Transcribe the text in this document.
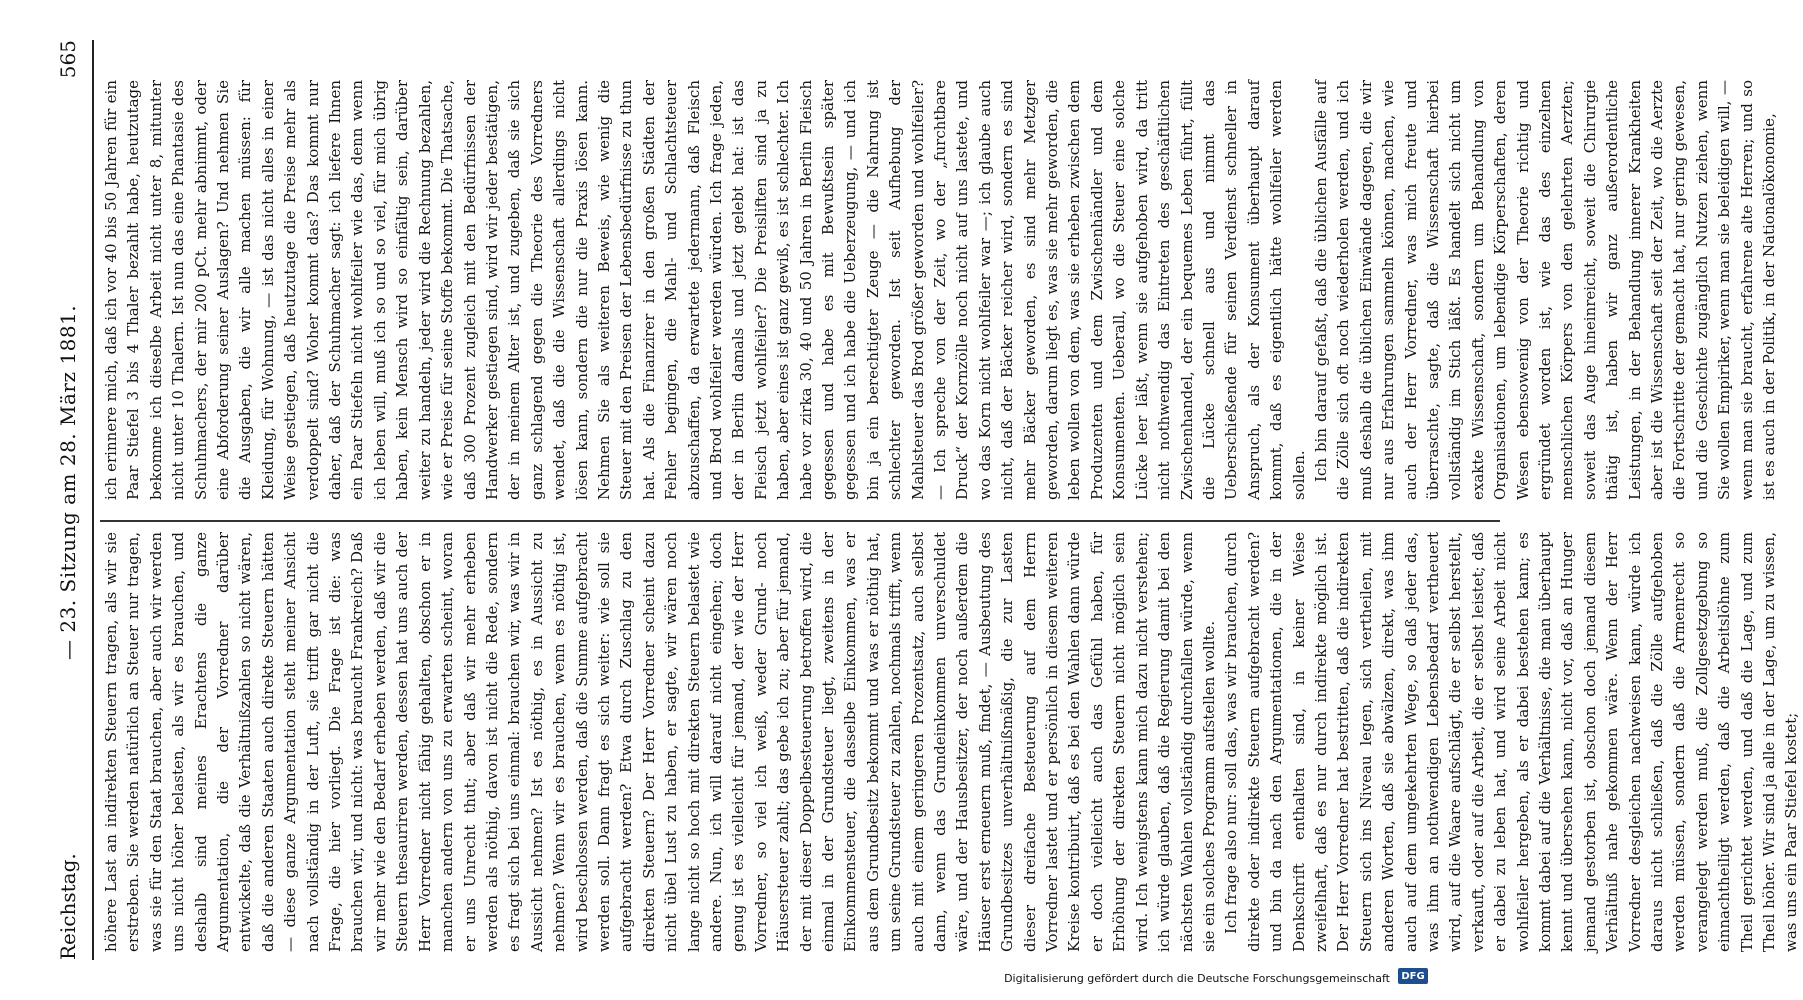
Reichstag.
— 23. Sitzung am 28. März 1881.
565

höhere Last an indirekten Steuern tragen, als wir sie erstreben. Sie werden natürlich an Steuer nur tragen, was sie für den Staat brauchen, aber auch wir werden uns nicht höher belasten, als wir es brauchen, und deshalb sind meines Erachtens die ganze Argumentation, die der Vorredner darüber entwickelte, daß die Verhältnißzahlen so nicht wären, daß die anderen Staaten auch direkte Steuern hätten — diese ganze Argumentation steht meiner Ansicht nach vollständig in der Luft, sie trifft gar nicht die Frage, die hier vorliegt. Die Frage ist die: was brauchen wir, und nicht: was braucht Frankreich? Daß wir mehr wie den Bedarf erheben werden, daß wir die Steuern thesauriren werden, dessen hat uns auch der Herr Vorredner nicht fähig gehalten, obschon er in manchen andern von uns zu erwarten scheint, woran er uns Unrecht thut; aber daß wir mehr erheben werden als nöthig, davon ist nicht die Rede, sondern es fragt sich bei uns einmal: brauchen wir, was wir in Aussicht nehmen? Ist es nöthig, es in Aussicht zu nehmen? Wenn wir es brauchen, wenn es nöthig ist, wird beschlossen werden, daß die Summe aufgebracht werden soll. Dann fragt es sich weiter: wie soll sie aufgebracht werden? Etwa durch Zuschlag zu den direkten Steuern? Der Herr Vorredner scheint dazu nicht übel Lust zu haben, er sagte, wir wären noch lange nicht so hoch mit direkten Steuern belastet wie andere. Nun, ich will darauf nicht eingehen; doch genug ist es vielleicht für jemand, der wie der Herr Vorredner, so viel ich weiß, weder Grund- noch Häusersteuer zahlt; das gebe ich zu; aber für jemand, der mit dieser Doppelbesteuerung betroffen wird, die einmal in der Grundsteuer liegt, zweitens in der Einkommensteuer, die dasselbe Einkommen, was er aus dem Grundbesitz bekommt und was er nöthig hat, um seine Grundsteuer zu zahlen, nochmals trifft, wenn auch mit einem geringeren Prozentsatz, auch selbst dann, wenn das Grundeinkommen unverschuldet wäre, und der Hausbesitzer, der noch außerdem die Häuser erst erneuern muß, findet, — Ausbeutung des Grundbesitzes unverhältnißmäßig, die zur Lasten dieser dreifache Besteuerung auf dem Herrn Vorredner lastet und er persönlich in diesem weiteren Kreise kontribuirt, daß es bei den Wahlen dann würde er doch vielleicht auch das Gefühl haben, für Erhöhung der direkten Steuern nicht möglich sein wird. Ich wenigstens kann mich dazu nicht verstehen; ich würde glauben, daß die Regierung damit bei den nächsten Wahlen vollständig durchfallen würde, wenn sie ein solches Programm aufstellen wollte. Ich frage also nur: soll das, was wir brauchen, durch direkte oder indirekte Steuern aufgebracht werden? und bin da nach den Argumentationen, die in der Denkschrift enthalten sind, in keiner Weise zweifelhaft, daß es nur durch indirekte möglich ist. Der Herr Vorredner hat bestritten, daß die indirekten Steuern sich ins Niveau legen, sich vertheilen, mit anderen Worten, daß sie abwälzen, direkt, was ihm auch auf dem umgekehrten Wege, so daß jeder das, was ihm an nothwendigen Lebensbedarf vertheuert wird, auf die Waare aufschlägt, die er selbst herstellt, verkauft, oder auf die Arbeit, die er selbst leistet; daß er dabei zu leben hat, und wird seine Arbeit nicht wohlfeiler hergeben, als er dabei bestehen kann; es kommt dabei auf die Verhältnisse, die man überhaupt kennt und übersehen kann, nicht vor, daß an Hunger jemand gestorben ist, obschon doch jemand diesem Verhältniß nahe gekommen wäre. Wenn der Herr Vorredner desgleichen nachweisen kann, würde ich daraus nicht schließen, daß die Zölle aufgehoben werden müssen, sondern daß die Armenrecht so verangelegt werden muß, die Zollgesetzgebung so einnachtheiligt werden, daß die Arbeitslöhne zum Theil gerichtet werden, und daß die Lage, und zum Theil höher. Wir sind ja alle in der Lage, um zu wissen, was uns ein Paar Stiefel kostet;

ich erinnere mich, daß ich vor 40 bis 50 Jahren für ein Paar Stiefel 3 bis 4 Thaler bezahlt habe, heutzutage bekomme ich dieselbe Arbeit nicht unter 8, mitunter nicht unter 10 Thalern. Ist nun das eine Phantasie des Schuhmachers, der mir 200 pCt. mehr abnimmt, oder eine Abforderung seiner Auslagen? Und nehmen Sie die Ausgaben, die wir alle machen müssen: für Kleidung, für Wohnung, — ist das nicht alles in einer Weise gestiegen, daß heutzutage die Preise mehr als verdoppelt sind? Woher kommt das? Das kommt nur daher, daß der Schuhmacher sagt: ich liefere Ihnen ein Paar Stiefeln nicht wohlfeiler wie das, denn wenn ich leben will, muß ich so und so viel, für mich übrig haben, kein Mensch wird so einfältig sein, darüber weiter zu handeln, jeder wird die Rechnung bezahlen, wie er Preise für seine Stoffe bekommt. Die Thatsache, daß 300 Prozent zugleich mit den Bedürfnissen der Handwerker gestiegen sind, wird wir jeder bestätigen, der in meinem Alter ist, und zugeben, daß sie sich ganz schlagend gegen die Theorie des Vorredners wendet, daß die die Wissenschaft allerdings nicht lösen kann, sondern die nur die Praxis lösen kann. Nehmen Sie als weiteren Beweis, wie wenig die Steuer mit den Preisen der Lebensbedürfnisse zu thun hat. Als die Finanzirer in den großen Städten der Fehler begingen, die Mahl- und Schlachtsteuer abzuschaffen, da erwartete jedermann, daß Fleisch und Brod wohlfeiler werden würden. Ich frage jeden, der in Berlin damals und jetzt gelebt hat: ist das Fleisch jetzt wohlfeiler? Die Preisliften sind ja zu haben, aber eines ist ganz gewiß, es ist schlechter. Ich habe vor zirka 30, 40 und 50 Jahren in Berlin Fleisch gegessen und habe es mit Bewußtsein später gegessen und ich habe die Ueberzeugung, — und ich bin ja ein berechtigter Zeuge — die Nahrung ist schlechter geworden. Ist seit Aufhebung der Mahlsteuer das Brod größer geworden und wohlfeiler? — Ich spreche von der Zeit, wo der „furchtbare Druck“ der Kornzölle noch nicht auf uns lastete, und wo das Korn nicht wohlfeiler war —; ich glaube auch nicht, daß der Bäcker reicher wird, sondern es sind mehr Bäcker geworden, es sind mehr Metzger geworden, darum liegt es, was sie mehr geworden, die leben wollen von dem, was sie erheben zwischen dem Produzenten und dem Zwischenhändler und dem Konsumenten. Ueberall, wo die Steuer eine solche Lücke leer läßt, wenn sie aufgehoben wird, da tritt nicht nothwendig das Eintreten des geschäftlichen Zwischenhandel, der ein bequemes Leben führt, füllt die Lücke schnell aus und nimmt das Ueberschießende für seinen Verdienst schneller in Anspruch, als der Konsument überhaupt darauf kommt, daß es eigentlich hätte wohlfeiler werden sollen. Ich bin darauf gefaßt, daß die üblichen Ausfälle auf die Zölle sich oft noch wiederholen werden, und ich muß deshalb die üblichen Einwände dagegen, die wir nur aus Erfahrungen sammeln können, machen, wie auch der Herr Vorredner, was mich freute und überraschte, sagte, daß die Wissenschaft hierbei vollständig im Stich läßt. Es handelt sich nicht um exakte Wissenschaft, sondern um Behandlung von Organisationen, um lebendige Körperschaften, deren Wesen ebensowenig von der Theorie richtig und ergründet worden ist, wie das des einzelnen menschlichen Körpers von den gelehrten Aerzten; soweit das Auge hineinreicht, soweit die Chirurgie thätig ist, haben wir ganz außerordentliche Leistungen, in der Behandlung innerer Krankheiten aber ist die Wissenschaft seit der Zeit, wo die Aerzte die Fortschritte der gemacht hat, nur gering gewesen, und die Geschichte zugänglich Nutzen ziehen, wenn Sie wollen Empiriker, wenn man sie beleidigen will, — wenn man sie braucht, erfahrene alte Herren; und so ist es auch in der Politik, in der Nationalökonomie,

Digitalisierung gefördert durch die Deutsche Forschungsgemeinschaft	DFG
